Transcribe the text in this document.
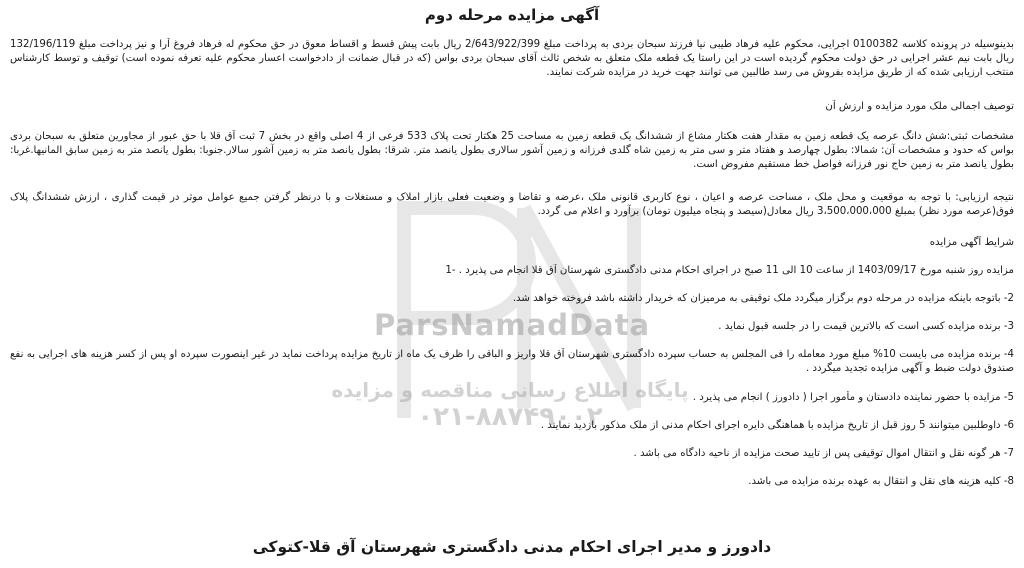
ParsNamadData
پایگاه اطلاع رسانی مناقصه و مزایده
۰۲۱-۸۸۷۴۹۰۰۲
آگهی مزایده مرحله دوم

بدینوسیله در پرونده کلاسه 0100382 اجرایی، محکوم علیه فرهاد طیبی نیا فرزند سبحان بردی به پرداخت مبلغ 2/643/922/399 ریال بابت پیش قسط و اقساط معوق در حق محکوم له فرهاد فروغ آرا و نیز پرداخت مبلغ 132/196/119 ریال بابت نیم عشر اجرایی در حق دولت محکوم گردیده است در این راستا یک قطعه ملک متعلق به شخص ثالث آقای سبحان بردی بواس (که در قبال ضمانت از دادخواست اعسار محکوم علیه تعرفه نموده است) توقیف و توسط کارشناس منتخب ارزیابی شده که از طریق مزایده بفروش می رسد طالبین می توانند جهت خرید در مزایده شرکت نمایند.

توصیف اجمالی ملک مورد مزایده و ارزش آن

مشخصات ثبتی:شش دانگ عرصه یک قطعه زمین به مقدار هفت هکتار مشاع از ششدانگ یک قطعه زمین به مساحت 25 هکتار تحت پلاک 533 فرعی از 4 اصلی واقع در بخش 7 ثبت آق قلا با حق عبور از مجاورین متعلق به سبحان بردی بواس که حدود و مشخصات آن: شمالا: بطول چهارصد و هفتاد متر و سی متر به زمین شاه گلدی فرزانه و زمین آشور سالاری بطول یانصد متر. شرقا: بطول یانصد متر به زمین آشور سالار.جنوبا: بطول یانصد متر به زمین سابق المانیها.غربا: بطول یانصد متر به زمین حاج نور فرزانه فواصل خط مستقیم مفروض است.

نتیجه ارزیابی: با توجه به موقعیت و محل ملک ، مساحت عرصه و اعیان ، نوع کاربری قانونی ملک ،عرضه و تقاضا و وضعیت فعلی بازار املاک و مستغلات و با درنظر گرفتن جمیع عوامل موثر در قیمت گذاری ، ارزش ششدانگ پلاک فوق(عرصه مورد نظر) بمبلغ 3،500،000،000 ریال معادل(سیصد و پنجاه میلیون تومان) برآورد و اعلام می گردد.

شرایط آگهی مزایده

مزایده روز شنبه مورخ 1403/09/17 از ساعت 10 الی 11 صبح در اجرای احکام مدنی دادگستری شهرستان آق قلا انجام می پذیرد . -1

2- باتوجه باینکه مزایده در مرحله دوم برگزار میگردد ملک توقیفی به مرمیزان که خریدار داشته باشد فروخته خواهد شد.

3- برنده مزایده کسی است که بالاترین قیمت را در جلسه قبول نماید .

4- برنده مزایده می بایست 10% مبلغ مورد معامله را فی المجلس به حساب سپرده دادگستری شهرستان آق قلا واریز و الباقی را ظرف یک ماه از تاریخ مزایده پرداخت نماید در غیر اینصورت سپرده او پس از کسر هزینه های اجرایی به نفع صندوق دولت ضبط و آگهی مزایده تجدید میگردد .

5- مزایده با حضور نماینده دادستان و مأمور اجرا ( دادورز ) انجام می پذیرد .

6- داوطلبین میتوانند 5 روز قبل از تاریخ مزایده با هماهنگی دایره اجرای احکام مدنی از ملک مذکور بازدید نمایند .

7- هر گونه نقل و انتقال اموال توقیفی پس از تایید صحت مزایده از ناحیه دادگاه می باشد .

8- کلیه هزینه های نقل و انتقال به عهده برنده مزایده می باشد.

دادورز و مدیر اجرای احکام مدنی دادگستری شهرستان آق قلا-کتوکی
